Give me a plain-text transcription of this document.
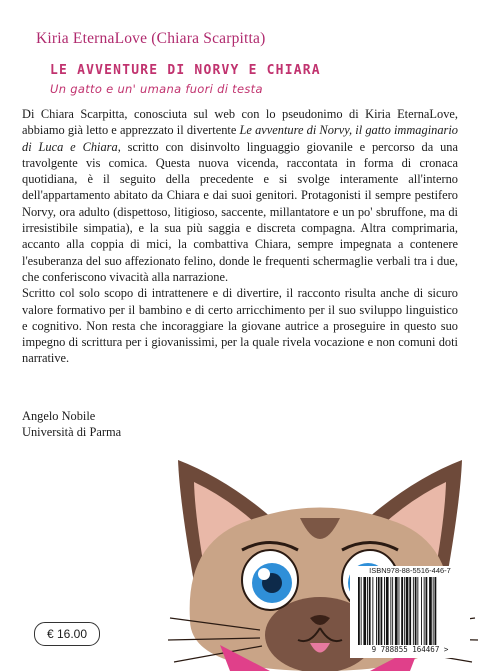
Kiria EternaLove (Chiara Scarpitta)
LE AVVENTURE DI NORVY E CHIARA
Un gatto e un' umana fuori di testa

Di Chiara Scarpitta, conosciuta sul web con lo pseudonimo di Kiria EternaLove, abbiamo già letto e apprezzato il divertente Le avventure di Norvy, il gatto immaginario di Luca e Chiara, scritto con disinvolto linguaggio giovanile e percorso da una travolgente vis comica. Questa nuova vicenda, raccontata in forma di cronaca quotidiana, è il seguito della precedente e si svolge interamente all'interno dell'appartamento abitato da Chiara e dai suoi genitori. Protagonisti il sempre pestifero Norvy, ora adulto (dispettoso, litigioso, saccente, millantatore e un po' sbruffone, ma di irresistibile simpatia), e la sua più saggia e discreta compagna. Altra comprimaria, accanto alla coppia di mici, la combattiva Chiara, sempre impegnata a contenere l'esuberanza del suo affezionato felino, donde le frequenti schermaglie verbali tra i due, che conferiscono vivacità alla narrazione.

Scritto col solo scopo di intrattenere e di divertire, il racconto risulta anche di sicuro valore formativo per il bambino e di certo arricchimento per il suo sviluppo linguistico e cognitivo. Non resta che incoraggiare la giovane autrice a proseguire in questo suo impegno di scrittura per i giovanissimi, per la quale rivela vocazione e non comuni doti narrative.

Angelo Nobile
Università di Parma
€ 16.00
ISBN978-88-5516-446-7
9 788855 164467 >
